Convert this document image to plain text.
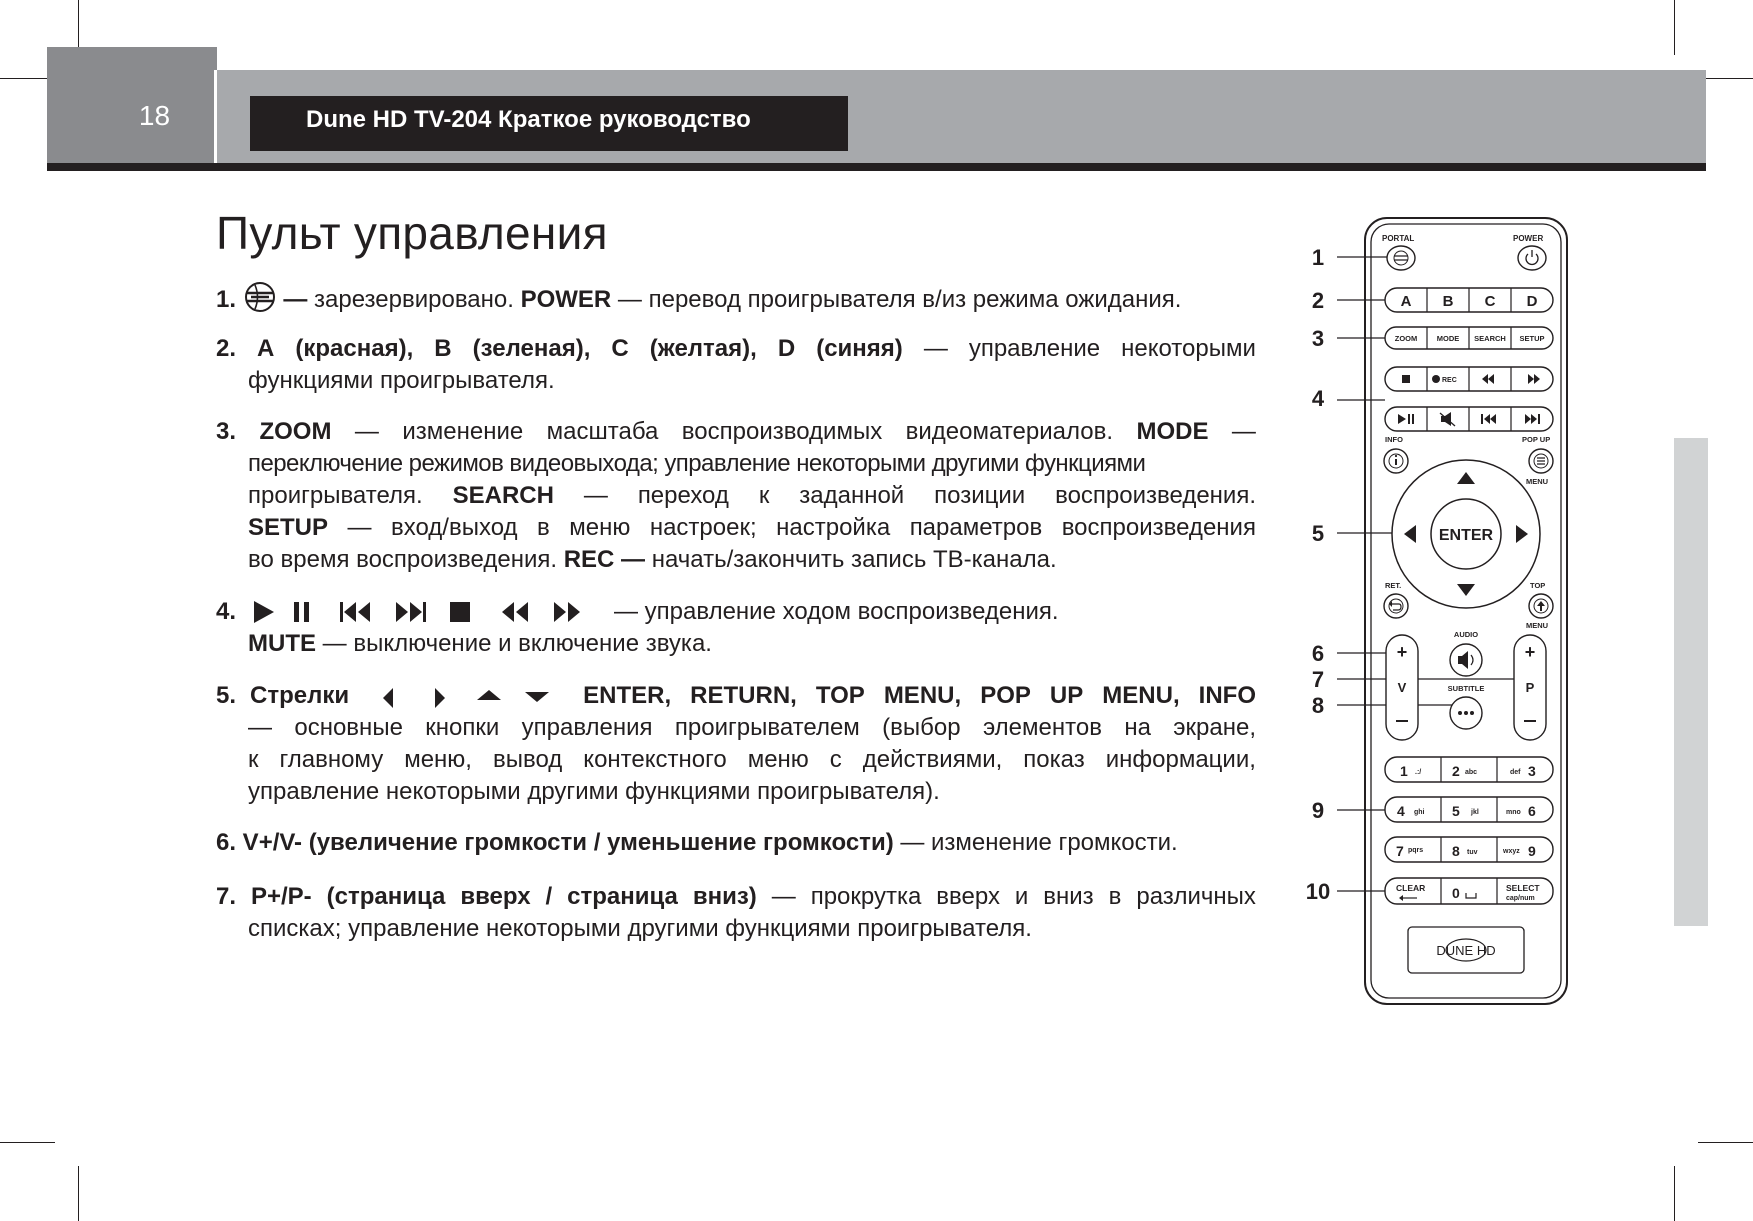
18	Dune HD TV-204 Краткое руководство
Пульт управления
1. — зарезервировано. POWER — перевод проигрывателя в/из режима ожидания.
2. A (красная), B (зеленая), C (желтая), D (синяя) — управление некоторыми
функциями проигрывателя.
3. ZOOM — изменение масштаба воспроизводимых видеоматериалов. MODE —
переключение режимов видеовыхода; управление некоторыми другими функциями
проигрывателя. SEARCH — переход к заданной позиции воспроизведения.
SETUP — вход/выход в меню настроек; настройка параметров воспроизведения
во время воспроизведения. REC — начать/закончить запись ТВ-канала.
4.	— управление ходом воспроизведения.
MUTE — выключение и включение звука.
5. Стрелки	ENTER, RETURN, TOP MENU, POP UP MENU, INFO
— основные кнопки управления проигрывателем (выбор элементов на экране,
к главному меню, вывод контекстного меню с действиями, показ информации,
управление некоторыми другими функциями проигрывателя).
6. V+/V- (увеличение громкости / уменьшение громкости) — изменение громкости.
7. P+/P- (страница вверх / страница вниз) — прокрутка вверх и вниз в различных
списках; управление некоторыми другими функциями проигрывателя.
1
2
3
4
5
6
7
8
9
10
PORTAL	POWER
A B C D
ZOOM	MODE SEARCH SETUP
REC
INFO	POP UP
MENU
ENTER
RET.	TOP
MENU
+
V
+
P
AUDIO
SUBTITLE
1 .:/ 2 abc	def 3
4 ghi 5 jkl	mno 6
7 pqrs 8 tuv	wxyz 9
CLEAR 0	SELECT
cap/num
DUNE HD
